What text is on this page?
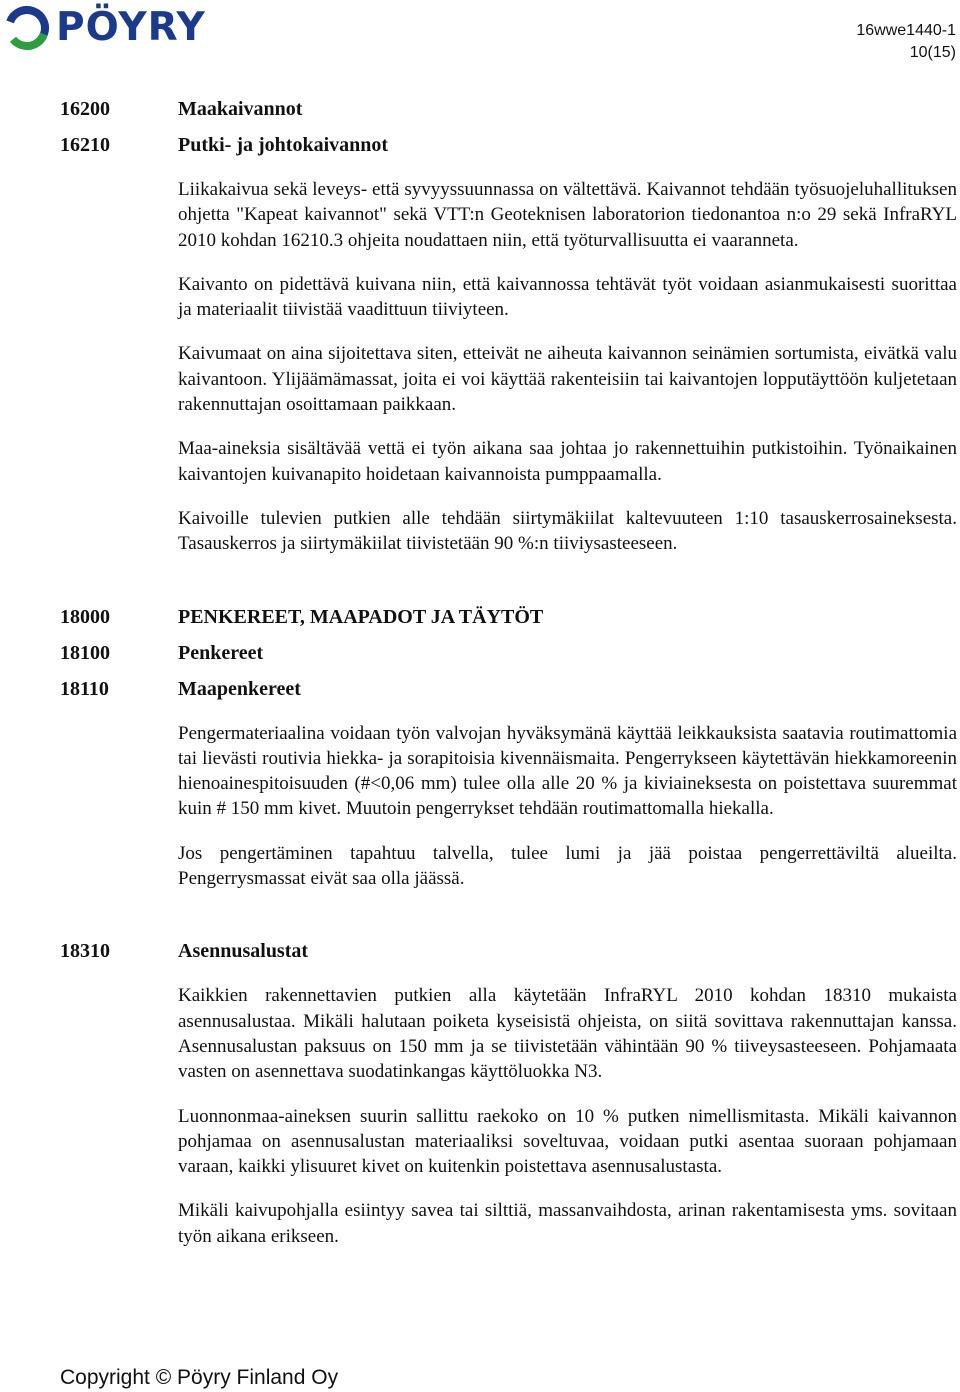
PÖYRY	16wwe1440-1
10(15)
16200	Maakaivannot
16210	Putki- ja johtokaivannot

Liikakaivua sekä leveys- että syvyyssuunnassa on vältettävä. Kaivannot tehdään työsuojeluhallituksen ohjetta "Kapeat kaivannot" sekä VTT:n Geoteknisen laboratorion tiedonantoa n:o 29 sekä InfraRYL 2010 kohdan 16210.3 ohjeita noudattaen niin, että työturvallisuutta ei vaaranneta.

Kaivanto on pidettävä kuivana niin, että kaivannossa tehtävät työt voidaan asianmukaisesti suorittaa ja materiaalit tiivistää vaadittuun tiiviyteen.

Kaivumaat on aina sijoitettava siten, etteivät ne aiheuta kaivannon seinämien sortumista, eivätkä valu kaivantoon. Ylijäämämassat, joita ei voi käyttää rakenteisiin tai kaivantojen lopputäyttöön kuljetetaan rakennuttajan osoittamaan paikkaan.

Maa-aineksia sisältävää vettä ei työn aikana saa johtaa jo rakennettuihin putkistoihin. Työnaikainen kaivantojen kuivanapito hoidetaan kaivannoista pumppaamalla.

Kaivoille tulevien putkien alle tehdään siirtymäkiilat kaltevuuteen 1:10 tasauskerrosaineksesta. Tasauskerros ja siirtymäkiilat tiivistetään 90 %:n tiiviysasteeseen.

18000	PENKEREET, MAAPADOT JA TÄYTÖT
18100	Penkereet
18110	Maapenkereet

Pengermateriaalina voidaan työn valvojan hyväksymänä käyttää leikkauksista saatavia routimattomia tai lievästi routivia hiekka- ja sorapitoisia kivennäismaita. Pengerrykseen käytettävän hiekkamoreenin hienoainespitoisuuden (#<0,06 mm) tulee olla alle 20 % ja kiviaineksesta on poistettava suuremmat kuin # 150 mm kivet. Muutoin pengerrykset tehdään routimattomalla hiekalla.

Jos pengertäminen tapahtuu talvella, tulee lumi ja jää poistaa pengerrettäviltä alueilta. Pengerrysmassat eivät saa olla jäässä.

18310	Asennusalustat

Kaikkien rakennettavien putkien alla käytetään InfraRYL 2010 kohdan 18310 mukaista asennusalustaa. Mikäli halutaan poiketa kyseisistä ohjeista, on siitä sovittava rakennuttajan kanssa. Asennusalustan paksuus on 150 mm ja se tiivistetään vähintään 90 % tiiveysasteeseen. Pohjamaata vasten on asennettava suodatinkangas käyttöluokka N3.

Luonnonmaa-aineksen suurin sallittu raekoko on 10 % putken nimellismitasta. Mikäli kaivannon pohjamaa on asennusalustan materiaaliksi soveltuvaa, voidaan putki asentaa suoraan pohjamaan varaan, kaikki ylisuuret kivet on kuitenkin poistettava asennusalustasta.

Mikäli kaivupohjalla esiintyy savea tai silttiä, massanvaihdosta, arinan rakentamisesta yms. sovitaan työn aikana erikseen.

Copyright © Pöyry Finland Oy
